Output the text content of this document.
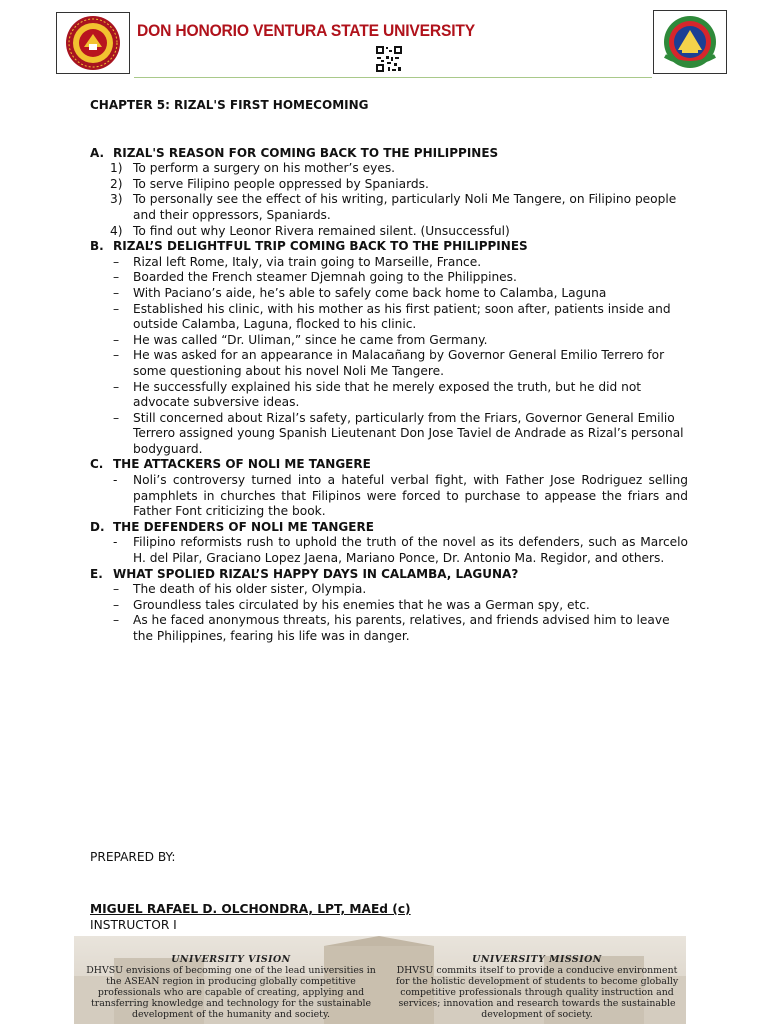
DON HONORIO VENTURA STATE UNIVERSITY
CHAPTER 5: RIZAL'S FIRST HOMECOMING
A. RIZAL'S REASON FOR COMING BACK TO THE PHILIPPINES
1) To perform a surgery on his mother’s eyes.
2) To serve Filipino people oppressed by Spaniards.
3) To personally see the effect of his writing, particularly Noli Me Tangere, on Filipino people and their oppressors, Spaniards.
4) To find out why Leonor Rivera remained silent. (Unsuccessful)
B. RIZAL’S DELIGHTFUL TRIP COMING BACK TO THE PHILIPPINES
–	Rizal left Rome, Italy, via train going to Marseille, France.
–	Boarded the French steamer Djemnah going to the Philippines.
–	With Paciano’s aide, he’s able to safely come back home to Calamba, Laguna
–	Established his clinic, with his mother as his first patient; soon after, patients inside and outside Calamba, Laguna, flocked to his clinic.
–	He was called “Dr. Uliman,” since he came from Germany.
–	He was asked for an appearance in Malacañang by Governor General Emilio Terrero for some questioning about his novel Noli Me Tangere.
–	He successfully explained his side that he merely exposed the truth, but he did not advocate subversive ideas.
–	Still concerned about Rizal’s safety, particularly from the Friars, Governor General Emilio Terrero assigned young Spanish Lieutenant Don Jose Taviel de Andrade as Rizal’s personal bodyguard.
C. THE ATTACKERS OF NOLI ME TANGERE
-	Noli’s controversy turned into a hateful verbal fight, with Father Jose Rodriguez selling pamphlets in churches that Filipinos were forced to purchase to appease the friars and Father Font criticizing the book.
D. THE DEFENDERS OF NOLI ME TANGERE
-	Filipino reformists rush to uphold the truth of the novel as its defenders, such as Marcelo H. del Pilar, Graciano Lopez Jaena, Mariano Ponce, Dr. Antonio Ma. Regidor, and others.
E. WHAT SPOLIED RIZAL’S HAPPY DAYS IN CALAMBA, LAGUNA?
–	The death of his older sister, Olympia.
–	Groundless tales circulated by his enemies that he was a German spy, etc.
–	As he faced anonymous threats, his parents, relatives, and friends advised him to leave the Philippines, fearing his life was in danger.
PREPARED BY:
MIGUEL RAFAEL D. OLCHONDRA, LPT, MAEd (c)
INSTRUCTOR I
UNIVERSITY VISION
DHVSU envisions of becoming one of the lead universities in the ASEAN region in producing globally competitive professionals who are capable of creating, applying and transferring knowledge and technology for the sustainable development of the humanity and society.
UNIVERSITY MISSION
DHVSU commits itself to provide a conducive environment for the holistic development of students to become globally competitive professionals through quality instruction and services; innovation and research towards the sustainable development of society.
